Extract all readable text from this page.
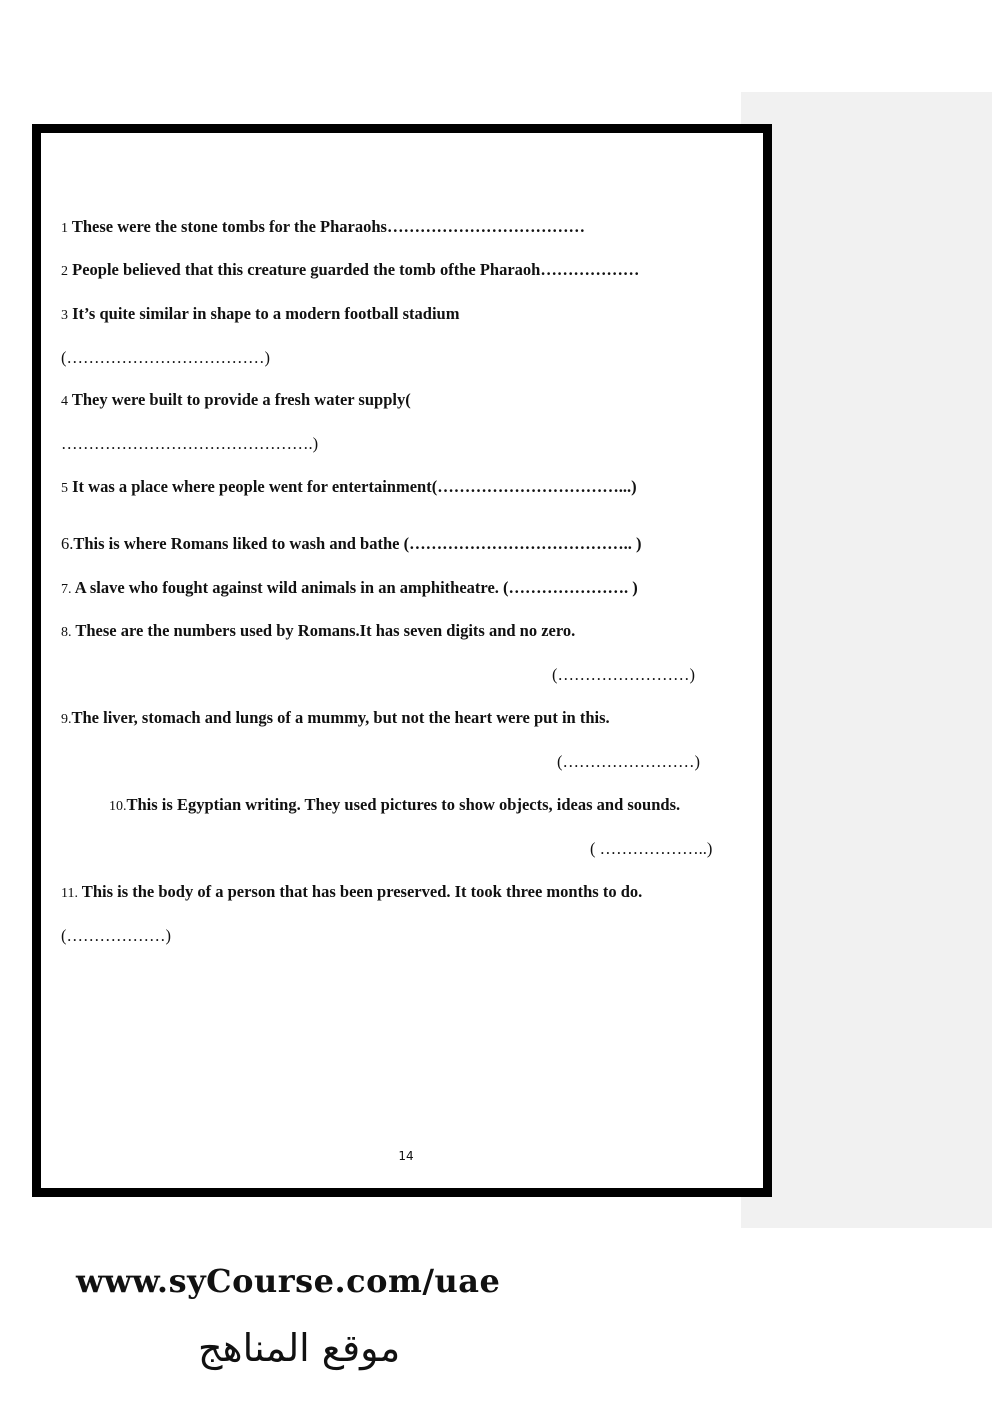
1 These were the stone tombs for the Pharaohs………………………………
2 People believed that this creature guarded the tomb ofthe Pharaoh………………
3 It’s quite similar in shape to a modern football stadium
(………………………………)
4 They were built to provide a fresh water supply(
……………………………………….)
5 It was a place where people went for entertainment(……………………………...)
6.This is where Romans liked to wash and bathe (………………………………….. )
7. A slave who fought against wild animals in an amphitheatre. (…………………. )
8. These are the numbers used by Romans.It has seven digits and no zero.
(……………………)
9.The liver, stomach and lungs of a mummy, but not the heart were put in this.
(……………………)
10.This is Egyptian writing. They used pictures to show objects, ideas and sounds.
( ………………..)
11. This is the body of a person that has been preserved. It took three months to do.
(………………)
14
www.syCourse.com/uae
موقع المناهج
